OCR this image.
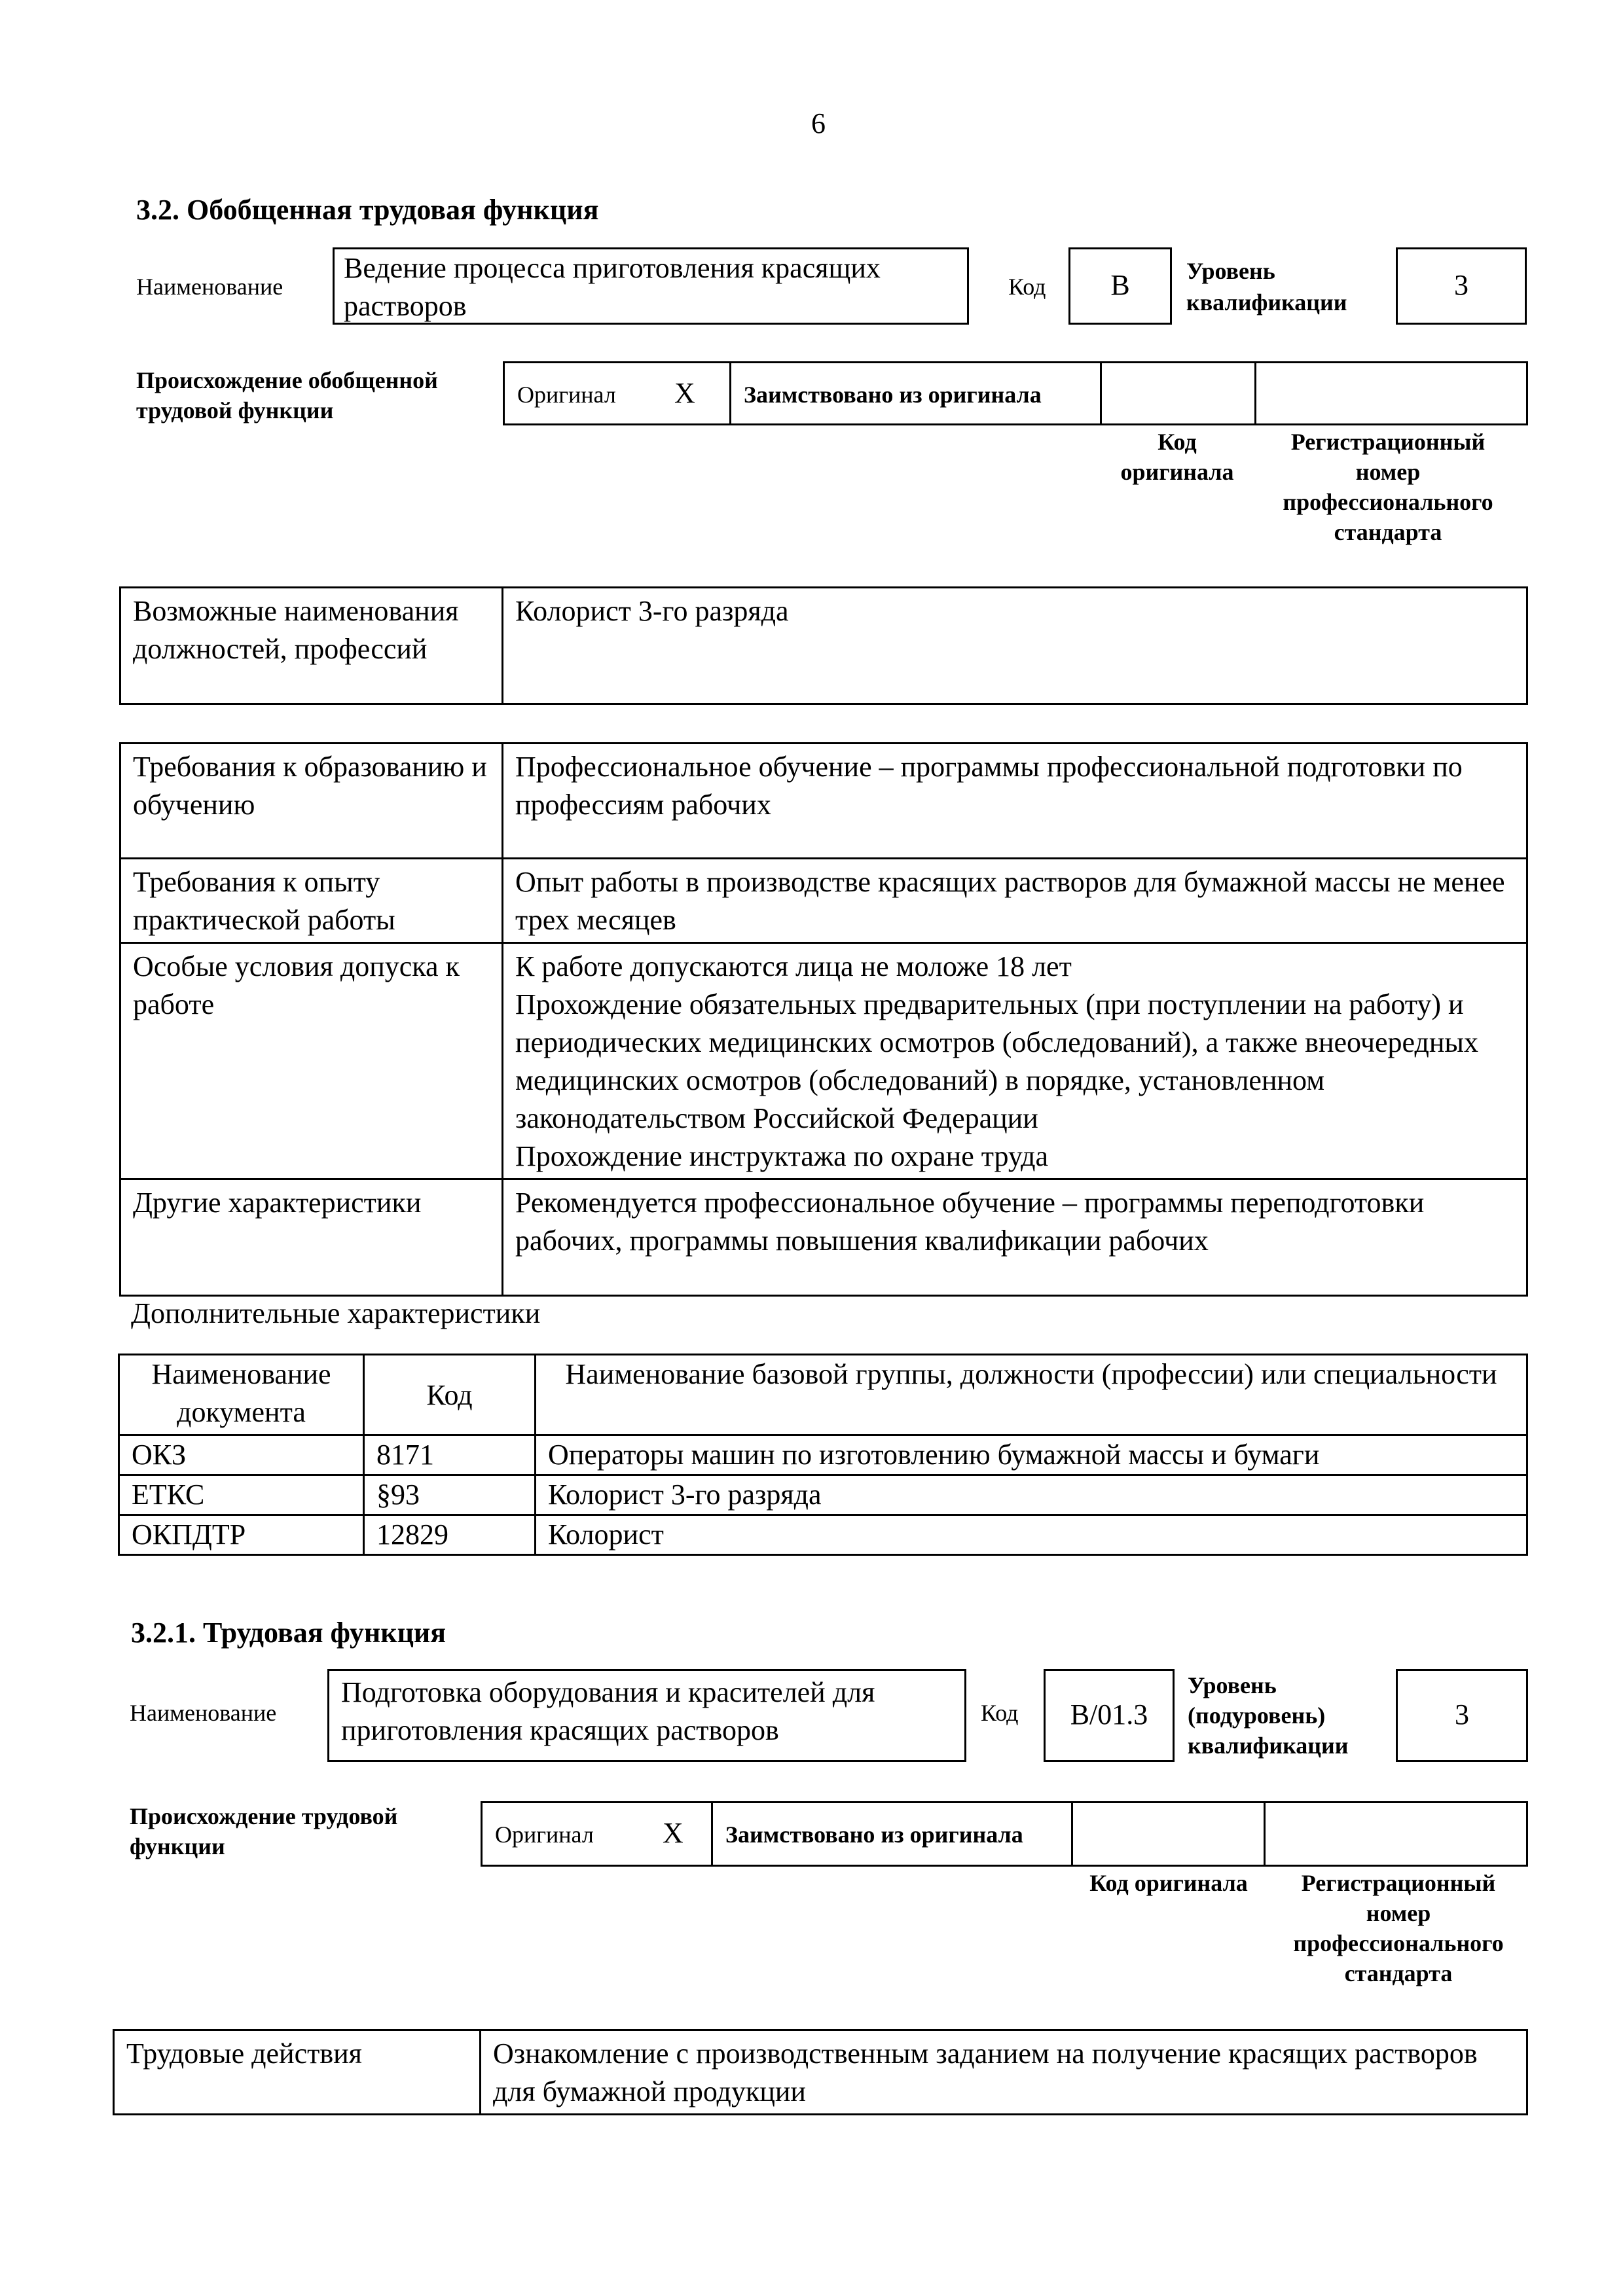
6
3.2. Обобщенная трудовая функция
Наименование
Ведение процесса приготовления красящих растворов
Код	B	Уровень квалификации
3
Происхождение обобщенной трудовой функции
Оригинал X Заимствовано из оригинала
Код оригинала
Регистрационный номер профессионального стандарта
Возможные наименования должностей, профессий	Колорист 3-го разряда
Требования к образованию и обучению	Профессиональное обучение – программы профессиональной подготовки по профессиям рабочих
Требования к опыту практической работы	Опыт работы в производстве красящих растворов для бумажной массы не менее трех месяцев
Особые условия допуска к работе	К работе допускаются лица не моложе 18 лет
Прохождение обязательных предварительных (при поступлении на работу) и периодических медицинских осмотров (обследований), а также внеочередных медицинских осмотров (обследований) в порядке, установленном законодательством Российской Федерации
Прохождение инструктажа по охране труда

Другие характеристики	Рекомендуется профессиональное обучение – программы переподготовки рабочих, программы повышения квалификации рабочих
Дополнительные характеристики
Наименование документа	Код	Наименование базовой группы, должности (профессии) или специальности
ОКЗ	8171	Операторы машин по изготовлению бумажной массы и бумаги
ЕТКС	§93	Колорист 3-го разряда
ОКПДТР	12829	Колорист
3.2.1. Трудовая функция
Наименование
Подготовка оборудования и красителей для приготовления красящих растворов
Код	B/01.3
Уровень (подуровень) квалификации
3
Происхождение трудовой функции	Оригинал X Заимствовано из оригинала
Код оригинала	Регистрационный номер профессионального стандарта
Трудовые действия	Ознакомление с производственным заданием на получение красящих растворов для бумажной продукции
